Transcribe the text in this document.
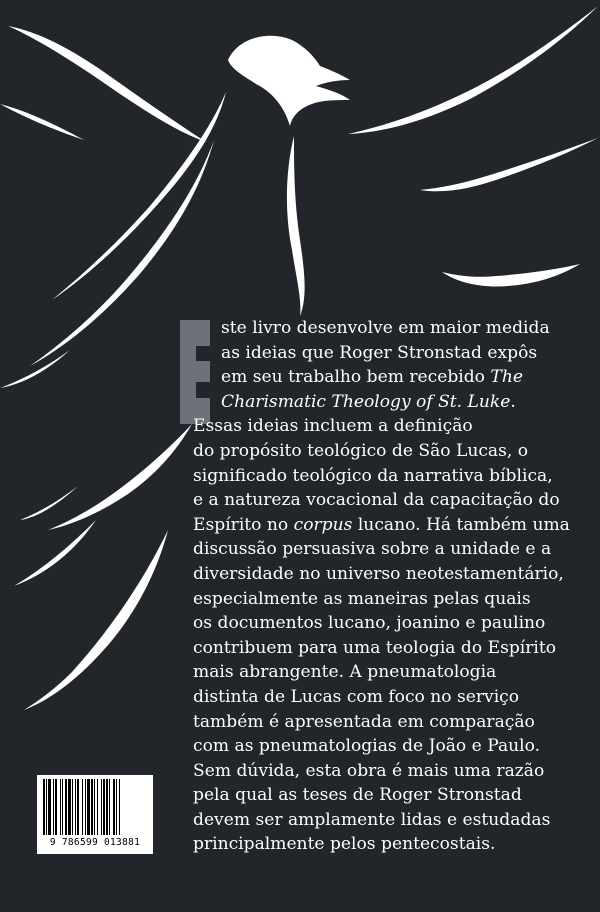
ste livro desenvolve em maior medida
as ideias que Roger Stronstad expôs
em seu trabalho bem recebido The
Charismatic Theology of St. Luke.
Essas ideias incluem a definição
do propósito teológico de São Lucas, o
significado teológico da narrativa bíblica,
e a natureza vocacional da capacitação do
Espírito no corpus lucano. Há também uma
discussão persuasiva sobre a unidade e a
diversidade no universo neotestamentário,
especialmente as maneiras pelas quais
os documentos lucano, joanino e paulino
contribuem para uma teologia do Espírito
mais abrangente. A pneumatologia
distinta de Lucas com foco no serviço
também é apresentada em comparação
com as pneumatologias de João e Paulo.
Sem dúvida, esta obra é mais uma razão
pela qual as teses de Roger Stronstad
devem ser amplamente lidas e estudadas
principalmente pelos pentecostais.

9 786599 013881
